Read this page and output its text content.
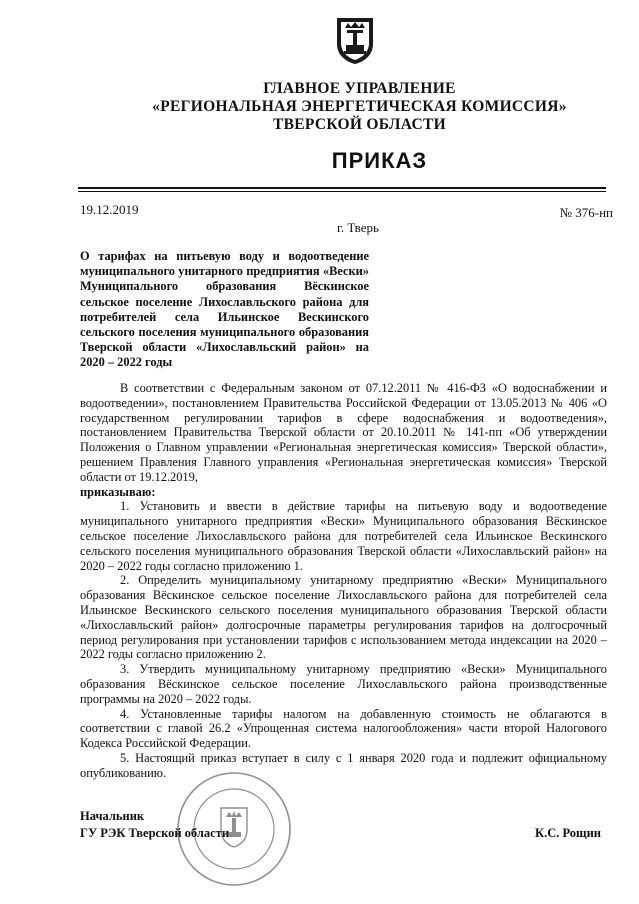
ГЛАВНОЕ УПРАВЛЕНИЕ
«РЕГИОНАЛЬНАЯ ЭНЕРГЕТИЧЕСКАЯ КОМИССИЯ»
ТВЕРСКОЙ ОБЛАСТИ
ПРИКАЗ
19.12.2019	№ 376-нп
г. Тверь
О тарифах на питьевую воду и водоотведение муниципального унитарного предприятия «Вески» Муниципального образования Вёскинское сельское поселение Лихославльского района для потребителей села Ильинское Вескинского сельского поселения муниципального образования Тверской области «Лихославльский район» на 2020 – 2022 годы

В соответствии с Федеральным законом от 07.12.2011 № 416-ФЗ «О водоснабжении и водоотведении», постановлением Правительства Российской Федерации от 13.05.2013 № 406 «О государственном регулировании тарифов в сфере водоснабжения и водоотведения», постановлением Правительства Тверской области от 20.10.2011 № 141-пп «Об утверждении Положения о Главном управлении «Региональная энергетическая комиссия» Тверской области», решением Правления Главного управления «Региональная энергетическая комиссия» Тверской области от 19.12.2019,

приказываю:

1. Установить и ввести в действие тарифы на питьевую воду и водоотведение муниципального унитарного предприятия «Вески» Муниципального образования Вёскинское сельское поселение Лихославльского района для потребителей села Ильинское Вескинского сельского поселения муниципального образования Тверской области «Лихославльский район» на 2020 – 2022 годы согласно приложению 1.

2. Определить муниципальному унитарному предприятию «Вески» Муниципального образования Вёскинское сельское поселение Лихославльского района для потребителей села Ильинское Вескинского сельского поселения муниципального образования Тверской области «Лихославльский район» долгосрочные параметры регулирования тарифов на долгосрочный период регулирования при установлении тарифов с использованием метода индексации на 2020 – 2022 годы согласно приложению 2.

3. Утвердить муниципальному унитарному предприятию «Вески» Муниципального образования Вёскинское сельское поселение Лихославльского района производственные программы на 2020 – 2022 годы.

4. Установленные тарифы налогом на добавленную стоимость не облагаются в соответствии с главой 26.2 «Упрощенная система налогообложения» части второй Налогового Кодекса Российской Федерации.

5. Настоящий приказ вступает в силу с 1 января 2020 года и подлежит официальному опубликованию.

Начальник
ГУ РЭК Тверской области	К.С. Рощин
